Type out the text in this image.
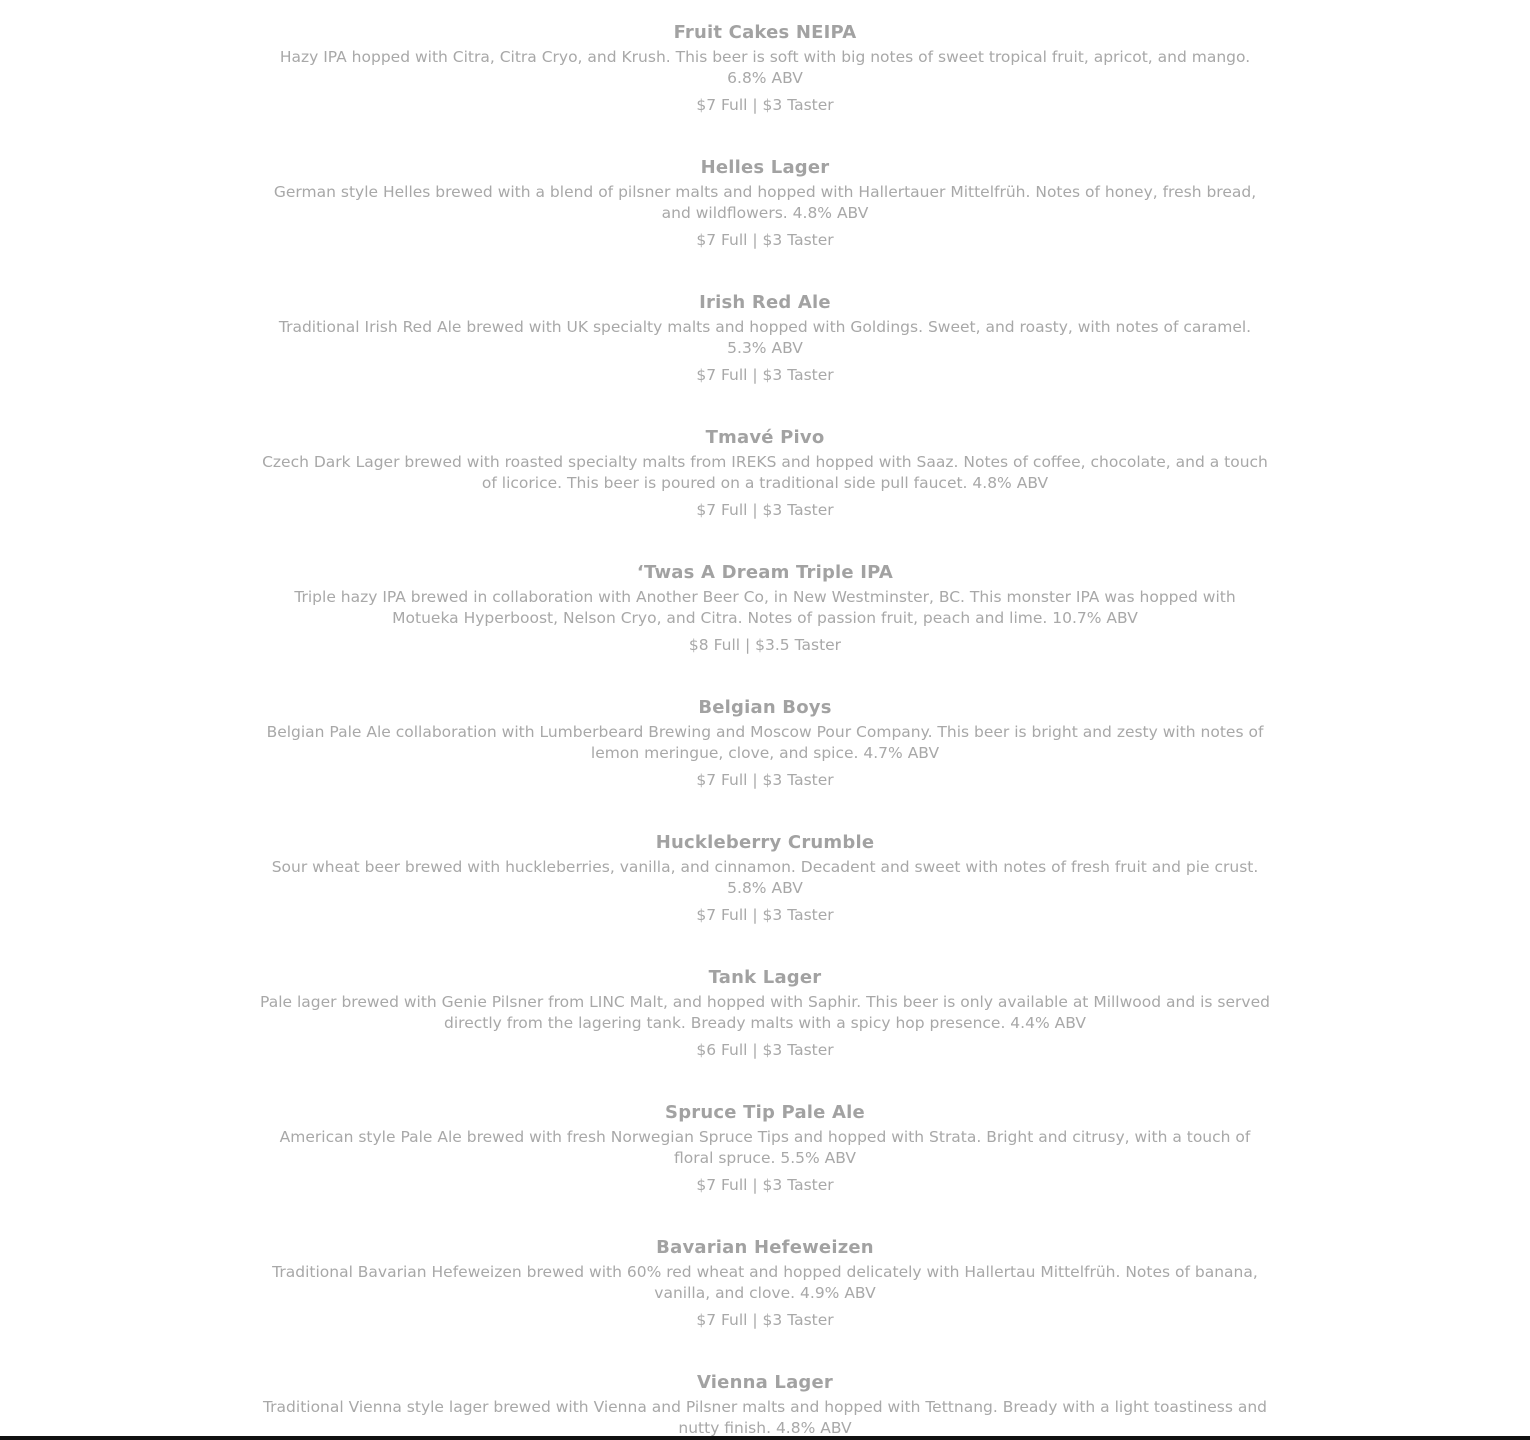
Fruit Cakes NEIPA
Hazy IPA hopped with Citra, Citra Cryo, and Krush. This beer is soft with big notes of sweet tropical fruit, apricot, and mango. 6.8% ABV
$7 Full | $3 Taster
Helles Lager
German style Helles brewed with a blend of pilsner malts and hopped with Hallertauer Mittelfrüh. Notes of honey, fresh bread, and wildflowers. 4.8% ABV
$7 Full | $3 Taster
Irish Red Ale
Traditional Irish Red Ale brewed with UK specialty malts and hopped with Goldings. Sweet, and roasty, with notes of caramel. 5.3% ABV
$7 Full | $3 Taster
Tmavé Pivo
Czech Dark Lager brewed with roasted specialty malts from IREKS and hopped with Saaz. Notes of coffee, chocolate, and a touch of licorice. This beer is poured on a traditional side pull faucet. 4.8% ABV
$7 Full | $3 Taster
‘Twas A Dream Triple IPA
Triple hazy IPA brewed in collaboration with Another Beer Co, in New Westminster, BC. This monster IPA was hopped with Motueka Hyperboost, Nelson Cryo, and Citra. Notes of passion fruit, peach and lime. 10.7% ABV
$8 Full | $3.5 Taster
Belgian Boys
Belgian Pale Ale collaboration with Lumberbeard Brewing and Moscow Pour Company. This beer is bright and zesty with notes of lemon meringue, clove, and spice. 4.7% ABV
$7 Full | $3 Taster
Huckleberry Crumble
Sour wheat beer brewed with huckleberries, vanilla, and cinnamon. Decadent and sweet with notes of fresh fruit and pie crust. 5.8% ABV
$7 Full | $3 Taster
Tank Lager
Pale lager brewed with Genie Pilsner from LINC Malt, and hopped with Saphir. This beer is only available at Millwood and is served directly from the lagering tank. Bready malts with a spicy hop presence. 4.4% ABV
$6 Full | $3 Taster
Spruce Tip Pale Ale
American style Pale Ale brewed with fresh Norwegian Spruce Tips and hopped with Strata. Bright and citrusy, with a touch of floral spruce. 5.5% ABV
$7 Full | $3 Taster
Bavarian Hefeweizen
Traditional Bavarian Hefeweizen brewed with 60% red wheat and hopped delicately with Hallertau Mittelfrüh. Notes of banana, vanilla, and clove. 4.9% ABV
$7 Full | $3 Taster
Vienna Lager
Traditional Vienna style lager brewed with Vienna and Pilsner malts and hopped with Tettnang. Bready with a light toastiness and nutty finish. 4.8% ABV
